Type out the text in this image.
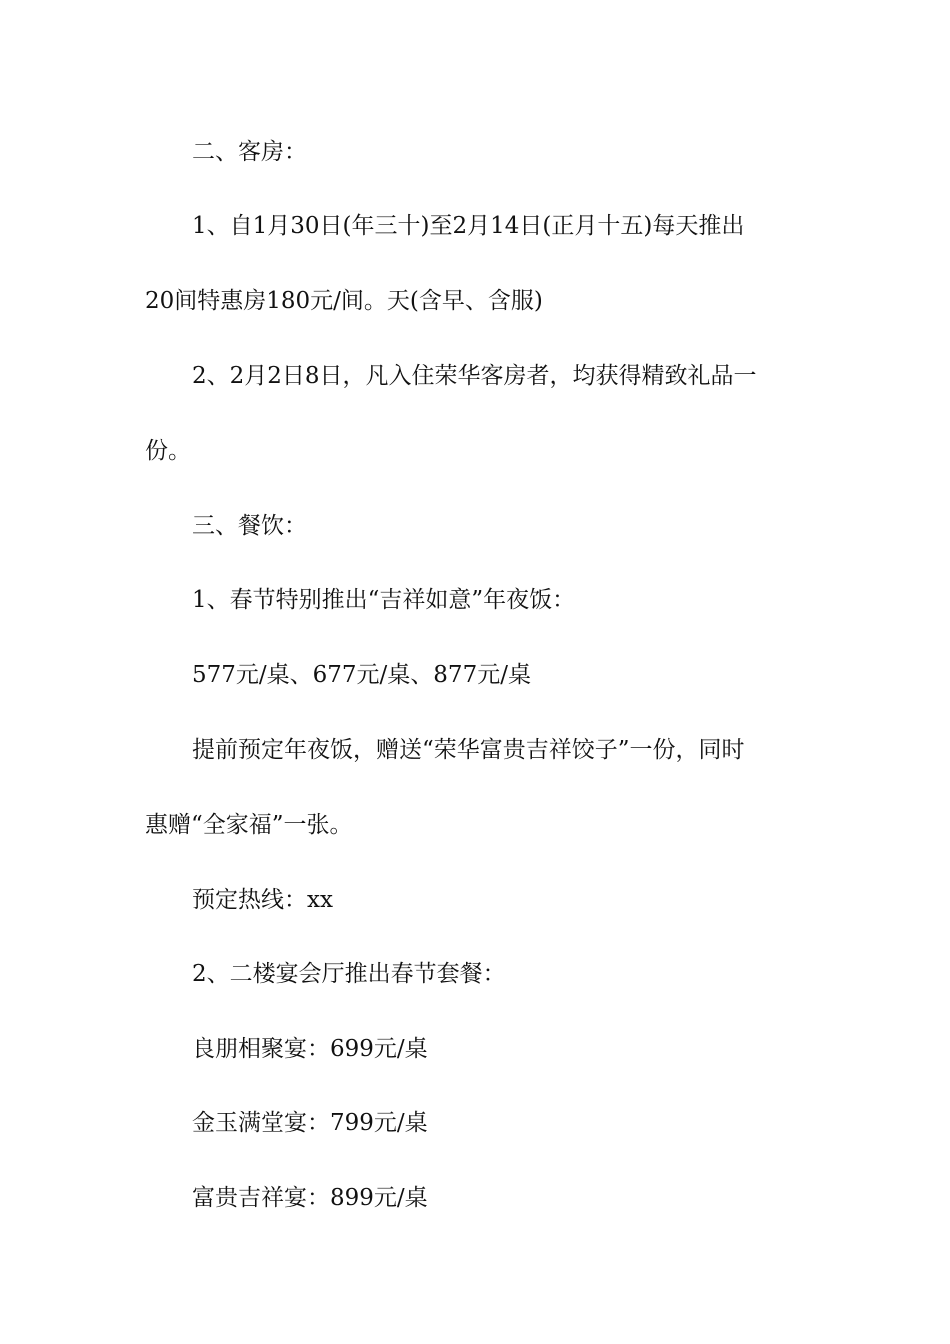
二、客房：
1、自1月30日(年三十)至2月14日(正月十五)每天推出
20间特惠房180元/间。天(含早、含服)
2、2月2日8日，凡入住荣华客房者，均获得精致礼品一
份。
三、餐饮：
1、春节特别推出“吉祥如意”年夜饭：
577元/桌、677元/桌、877元/桌
提前预定年夜饭，赠送“荣华富贵吉祥饺子”一份，同时
惠赠“全家福”一张。
预定热线：xx
2、二楼宴会厅推出春节套餐：
良朋相聚宴：699元/桌
金玉满堂宴：799元/桌
富贵吉祥宴：899元/桌
